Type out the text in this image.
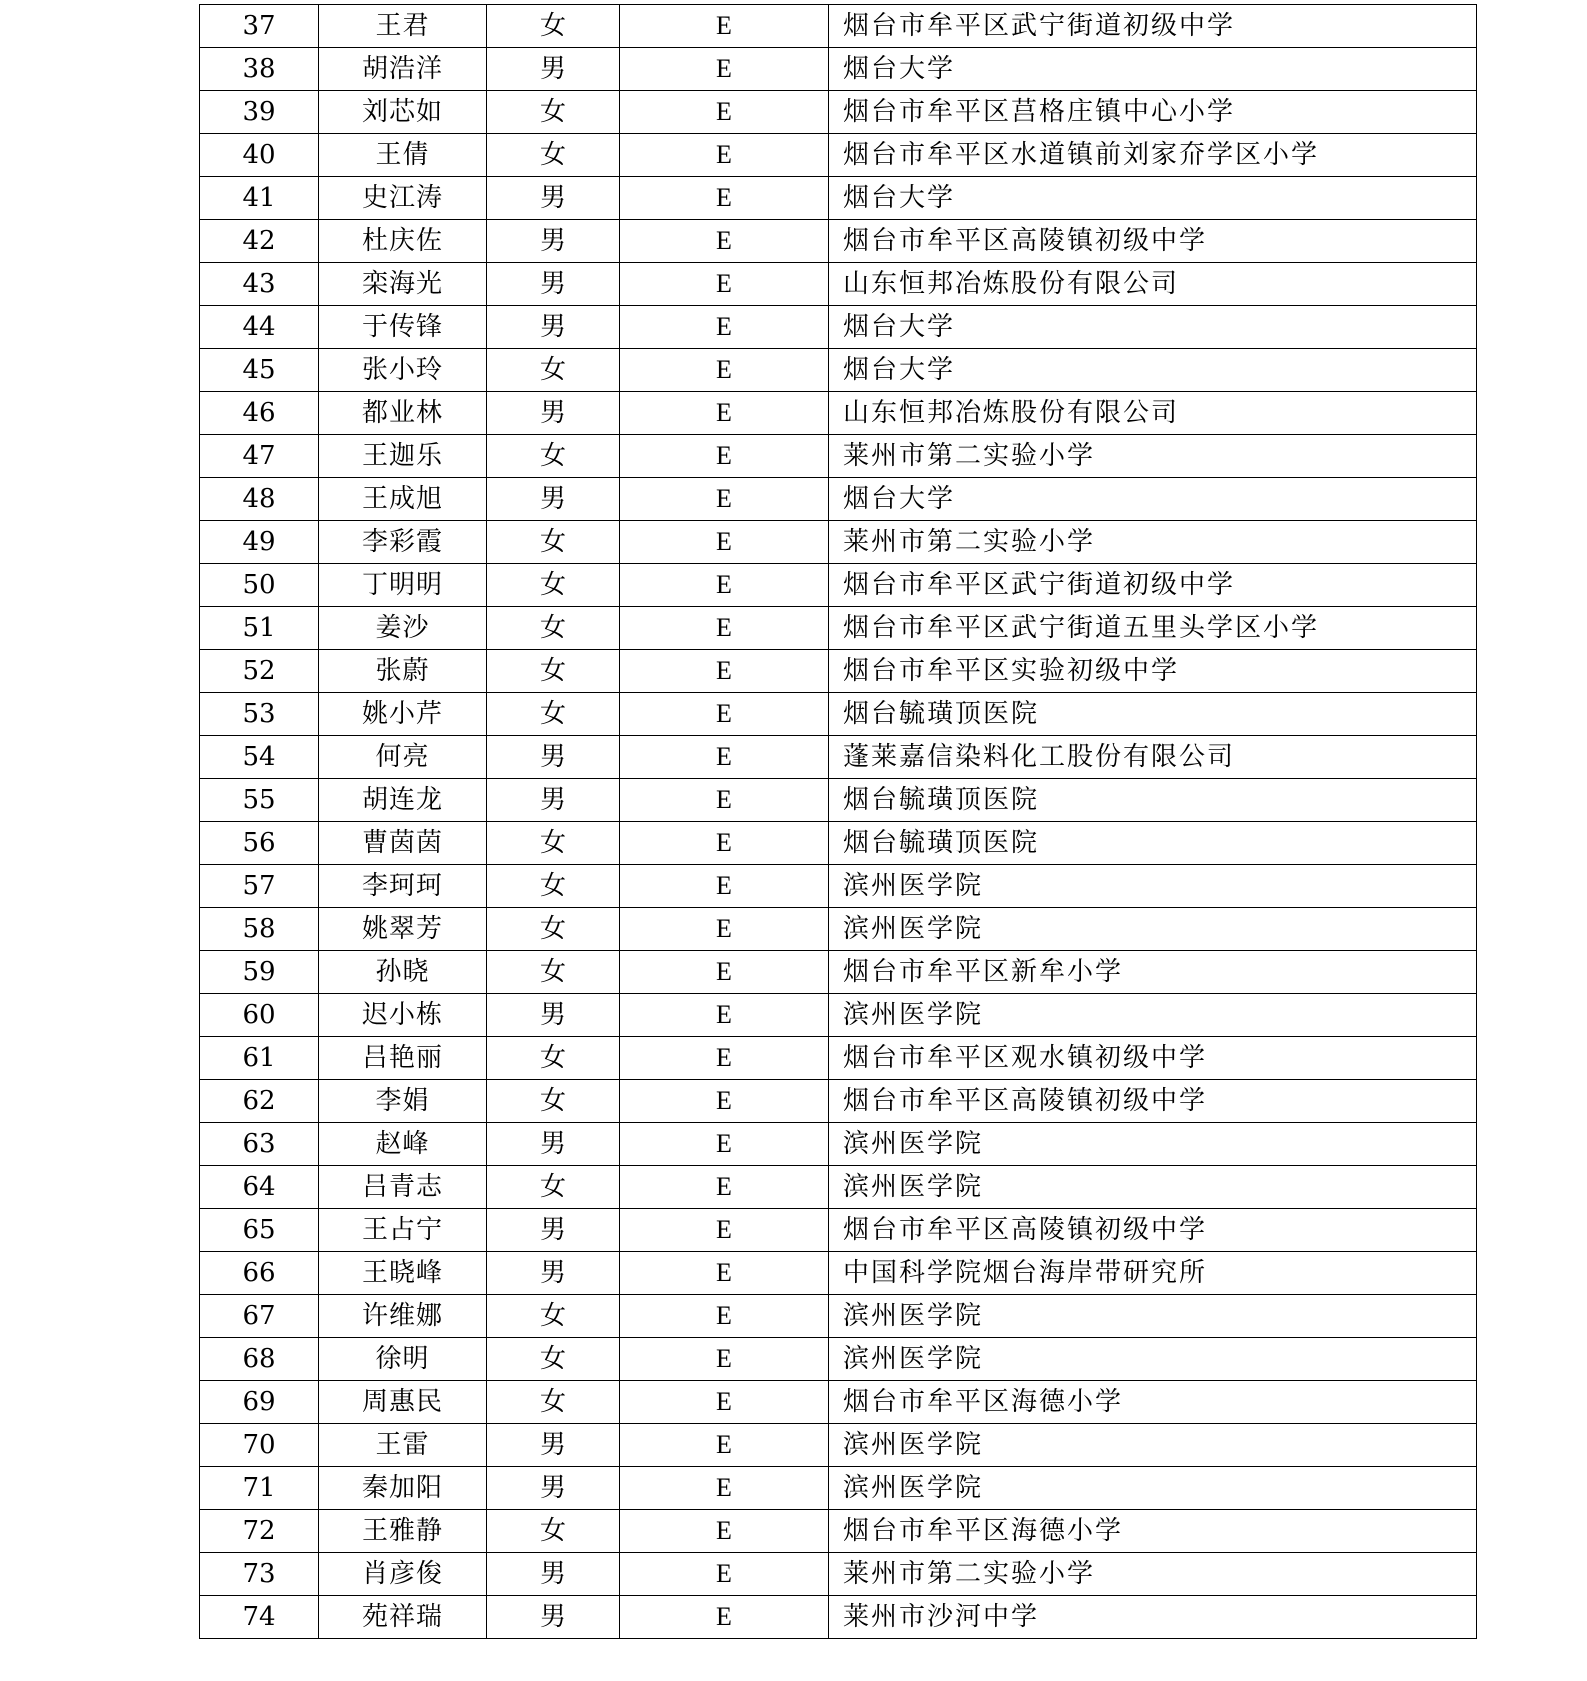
37	王君	女	E	烟台市牟平区武宁街道初级中学
38	胡浩洋	男	E	烟台大学
39	刘芯如	女	E	烟台市牟平区莒格庄镇中心小学
40	王倩	女	E	烟台市牟平区水道镇前刘家夼学区小学
41	史江涛	男	E	烟台大学
42	杜庆佐	男	E	烟台市牟平区高陵镇初级中学
43	栾海光	男	E	山东恒邦冶炼股份有限公司
44	于传锋	男	E	烟台大学
45	张小玲	女	E	烟台大学
46	都业林	男	E	山东恒邦冶炼股份有限公司
47	王迦乐	女	E	莱州市第二实验小学
48	王成旭	男	E	烟台大学
49	李彩霞	女	E	莱州市第二实验小学
50	丁明明	女	E	烟台市牟平区武宁街道初级中学
51	姜沙	女	E	烟台市牟平区武宁街道五里头学区小学
52	张蔚	女	E	烟台市牟平区实验初级中学
53	姚小芹	女	E	烟台毓璜顶医院
54	何亮	男	E	蓬莱嘉信染料化工股份有限公司
55	胡连龙	男	E	烟台毓璜顶医院
56	曹茵茵	女	E	烟台毓璜顶医院
57	李珂珂	女	E	滨州医学院
58	姚翠芳	女	E	滨州医学院
59	孙晓	女	E	烟台市牟平区新牟小学
60	迟小栋	男	E	滨州医学院
61	吕艳丽	女	E	烟台市牟平区观水镇初级中学
62	李娟	女	E	烟台市牟平区高陵镇初级中学
63	赵峰	男	E	滨州医学院
64	吕青志	女	E	滨州医学院
65	王占宁	男	E	烟台市牟平区高陵镇初级中学
66	王晓峰	男	E	中国科学院烟台海岸带研究所
67	许维娜	女	E	滨州医学院
68	徐明	女	E	滨州医学院
69	周惠民	女	E	烟台市牟平区海德小学
70	王雷	男	E	滨州医学院
71	秦加阳	男	E	滨州医学院
72	王雅静	女	E	烟台市牟平区海德小学
73	肖彦俊	男	E	莱州市第二实验小学
74	苑祥瑞	男	E	莱州市沙河中学
